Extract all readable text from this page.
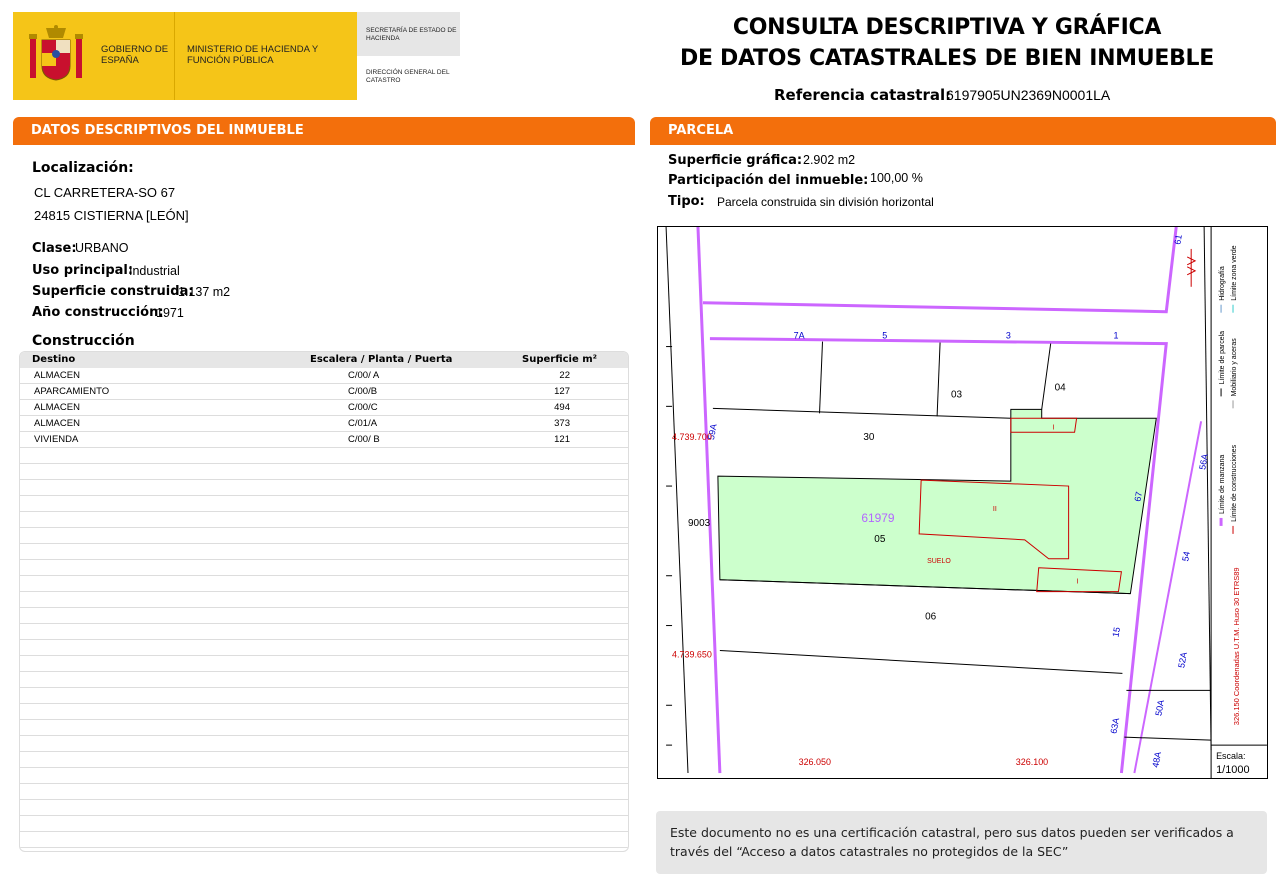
GOBIERNO DE ESPAÑA
MINISTERIO DE HACIENDA Y FUNCIÓN PÚBLICA
SECRETARÍA DE ESTADO DE HACIENDA
DIRECCIÓN GENERAL DEL CATASTRO
CONSULTA DESCRIPTIVA Y GRÁFICA
DE DATOS CATASTRALES DE BIEN INMUEBLE
Referencia catastral:
6197905UN2369N0001LA
DATOS DESCRIPTIVOS DEL INMUEBLE	PARCELA
Localización:
CL CARRETERA-SO 67
24815 CISTIERNA [LEÓN]
Clase:
URBANO
Uso principal:
Industrial
Superficie construida:
1.137 m2
Año construcción:
1971
Construcción
Destino	Escalera / Planta / Puerta	Superficie m²
ALMACEN	C/00/ A	22
APARCAMIENTO	C/00/B	127
ALMACEN	C/00/C	494
ALMACEN	C/01/A	373
VIVIENDA	C/00/ B	121
Superficie gráfica: 2.902 m2
Participación del inmueble: 100,00 %
Tipo: Parcela construida sin división horizontal
03
04
30
05
06
9003	61979
SUELO
I
II
I
7A	5	3	1
67
54
56A
15
52A
50A
63A
48A
61
59A
4.739.700
4.739.650
326.050	326.100
Límite de manzana
Límite de parcela
Hidrografía
Límite de construcciones
Mobiliario y aceras
Límite zona verde
326.150 Coordenadas U.T.M. Huso 30 ETRS89
Escala:
1/1000
Este documento no es una certificación catastral, pero sus datos pueden ser verificados a
través del “Acceso a datos catastrales no protegidos de la SEC”
